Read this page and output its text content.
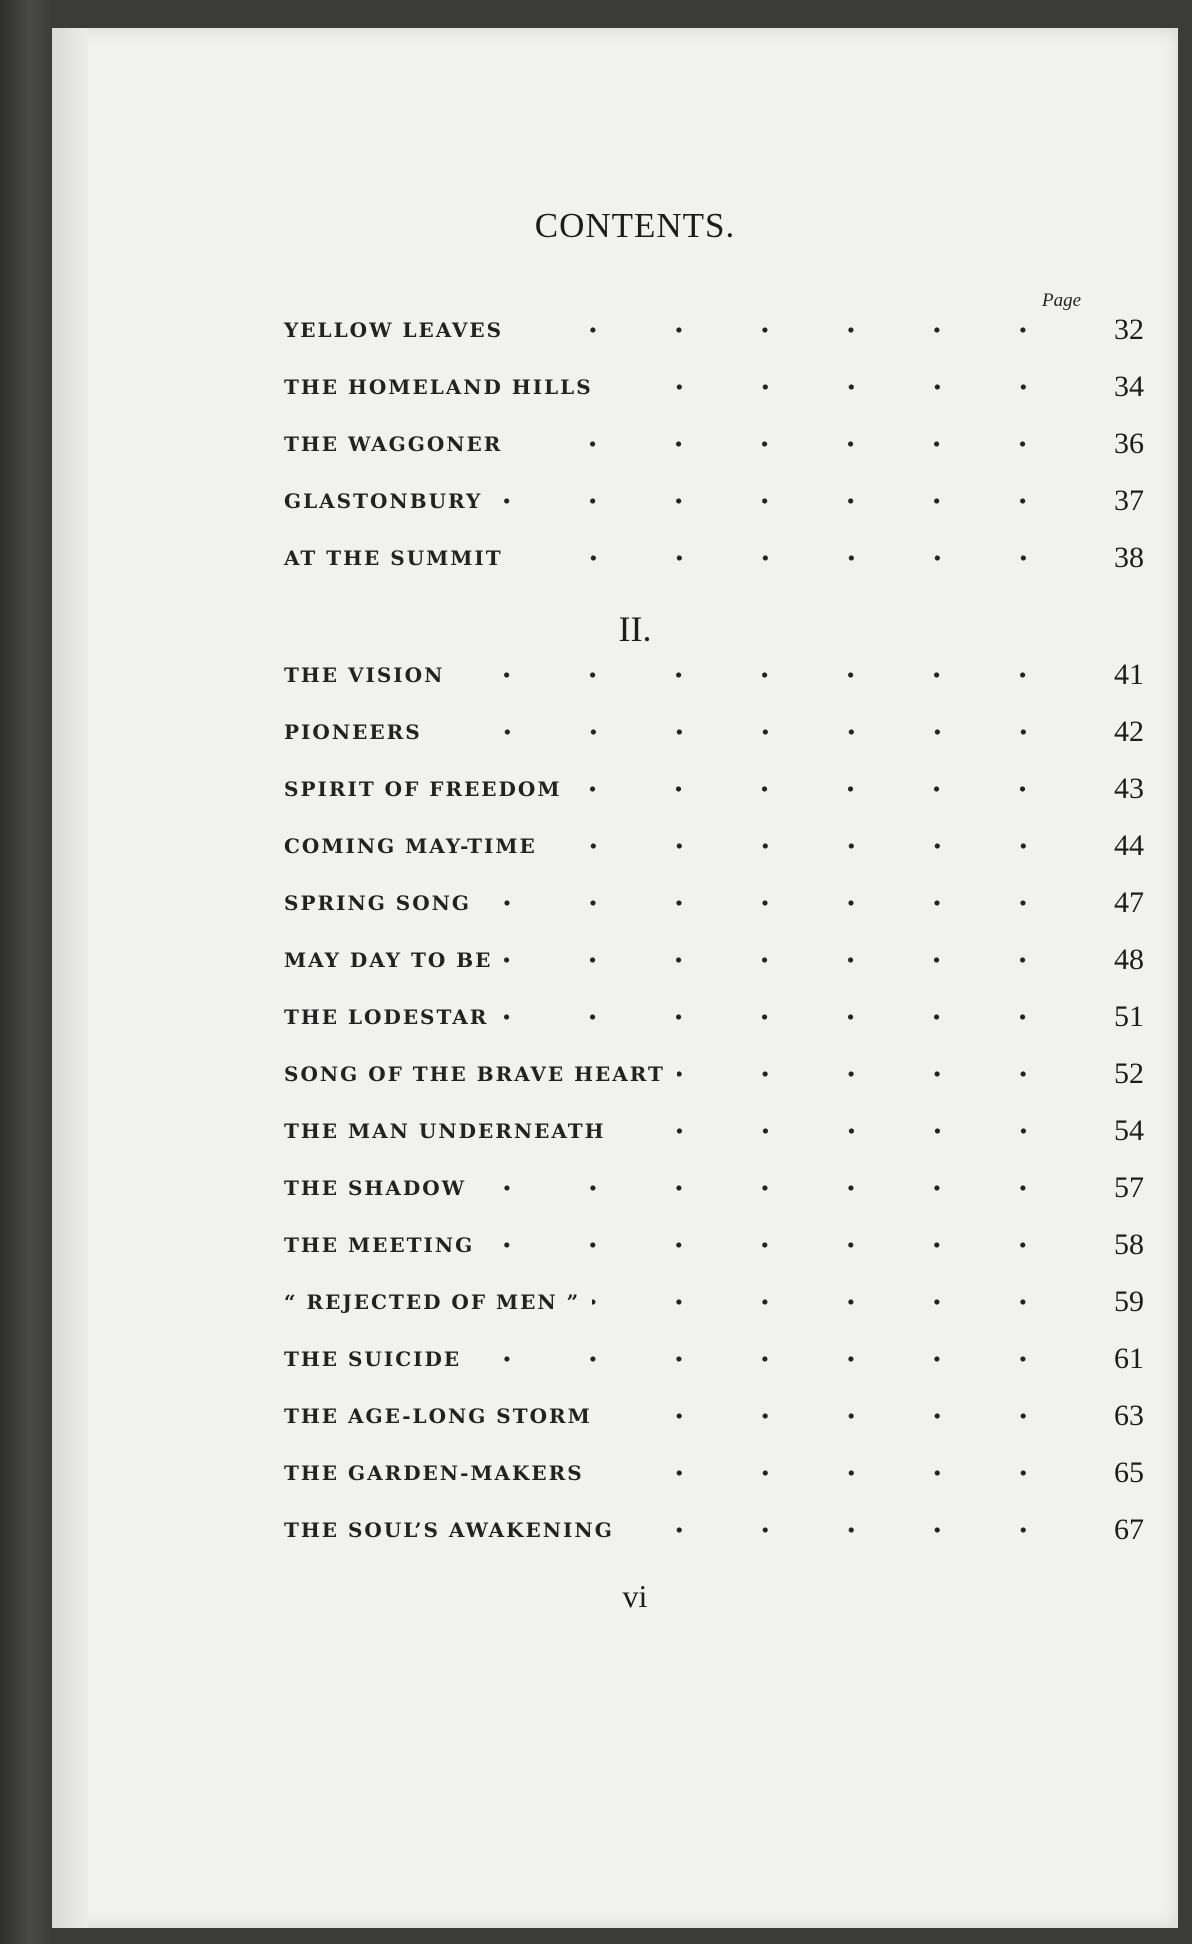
CONTENTS.
Page
YELLOW LEAVES	32
THE HOMELAND HILLS	34
THE WAGGONER	36
GLASTONBURY	37
AT THE SUMMIT	38
II.
THE VISION	41
PIONEERS	42
SPIRIT OF FREEDOM	43
COMING MAY-TIME	44
SPRING SONG	47
MAY DAY TO BE	48
THE LODESTAR	51
SONG OF THE BRAVE HEART	52
THE MAN UNDERNEATH	54
THE SHADOW	57
THE MEETING	58
“ REJECTED OF MEN ”	59
THE SUICIDE	61
THE AGE-LONG STORM	63
THE GARDEN-MAKERS	65
THE SOUL’S AWAKENING	67
vi
